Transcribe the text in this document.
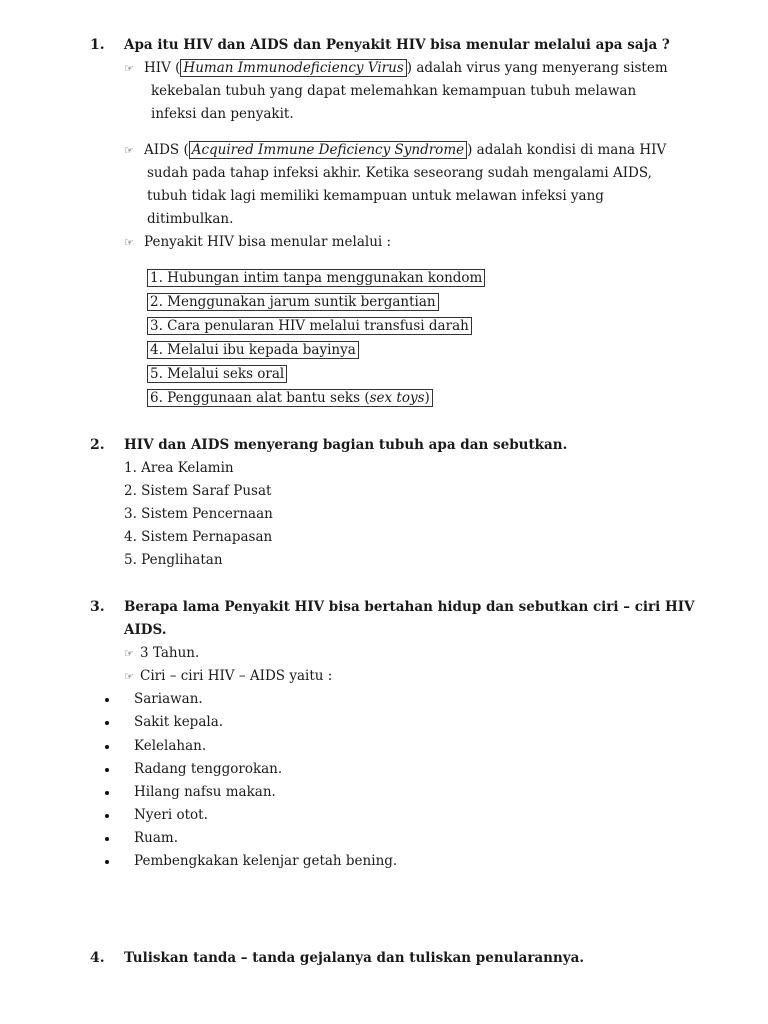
1. Apa itu HIV dan AIDS dan Penyakit HIV bisa menular melalui apa saja ?
☞ HIV ( Human Immunodeficiency Virus ) adalah virus yang menyerang sistem
kekebalan tubuh yang dapat melemahkan kemampuan tubuh melawan
infeksi dan penyakit.
☞ AIDS ( Acquired Immune Deficiency Syndrome ) adalah kondisi di mana HIV
sudah pada tahap infeksi akhir. Ketika seseorang sudah mengalami AIDS,
tubuh tidak lagi memiliki kemampuan untuk melawan infeksi yang
ditimbulkan.
☞ Penyakit HIV bisa menular melalui :
1. Hubungan intim tanpa menggunakan kondom
2. Menggunakan jarum suntik bergantian
3. Cara penularan HIV melalui transfusi darah
4. Melalui ibu kepada bayinya
5. Melalui seks oral
6. Penggunaan alat bantu seks (sex toys)
2. HIV dan AIDS menyerang bagian tubuh apa dan sebutkan.
1. Area Kelamin
2. Sistem Saraf Pusat
3. Sistem Pencernaan
4. Sistem Pernapasan
5. Penglihatan
3. Berapa lama Penyakit HIV bisa bertahan hidup dan sebutkan ciri – ciri HIV
AIDS.
☞ 3 Tahun.
☞ Ciri – ciri HIV – AIDS yaitu :
Sariawan.
Sakit kepala.
Kelelahan.
Radang tenggorokan.
Hilang nafsu makan.
Nyeri otot.
Ruam.
Pembengkakan kelenjar getah bening.
4. Tuliskan tanda – tanda gejalanya dan tuliskan penularannya.
